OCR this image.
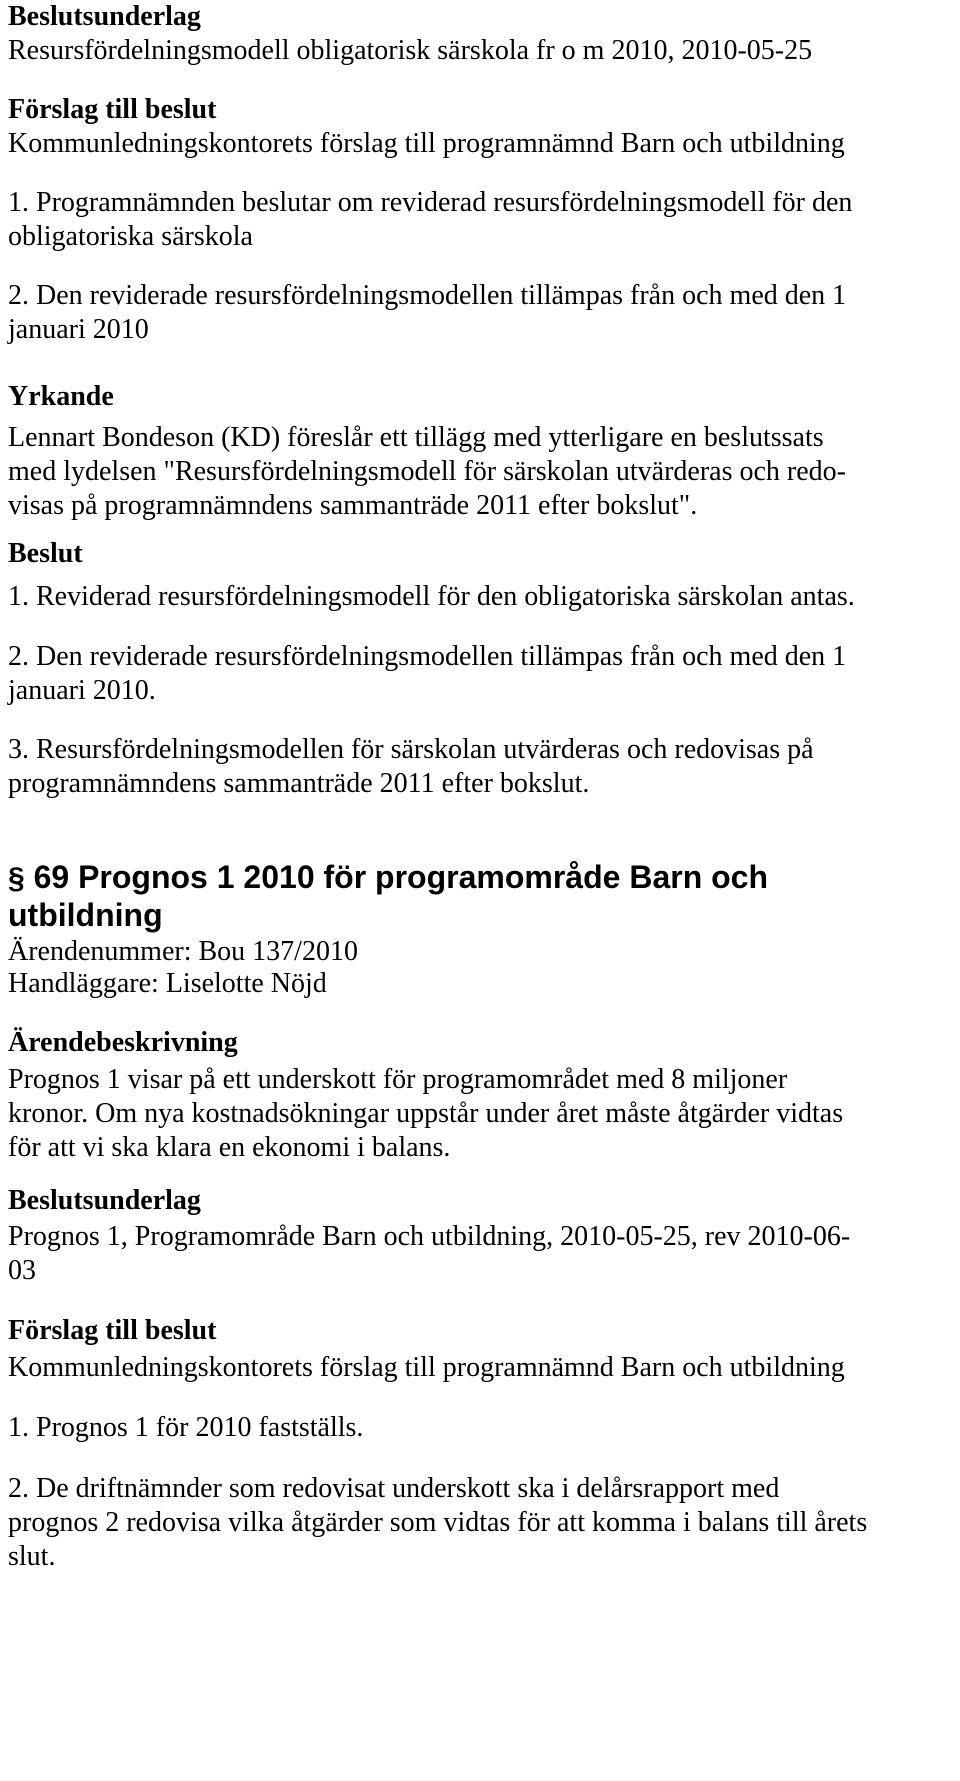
Beslutsunderlag
Resursfördelningsmodell obligatorisk särskola fr o m 2010, 2010-05-25
Förslag till beslut
Kommunledningskontorets förslag till programnämnd Barn och utbildning
1. Programnämnden beslutar om reviderad resursfördelningsmodell för den
obligatoriska särskola
2. Den reviderade resursfördelningsmodellen tillämpas från och med den 1
januari 2010
Yrkande
Lennart Bondeson (KD) föreslår ett tillägg med ytterligare en beslutssats
med lydelsen "Resursfördelningsmodell för särskolan utvärderas och redo-
visas på programnämndens sammanträde 2011 efter bokslut".
Beslut
1. Reviderad resursfördelningsmodell för den obligatoriska särskolan antas.
2. Den reviderade resursfördelningsmodellen tillämpas från och med den 1
januari 2010.
3. Resursfördelningsmodellen för särskolan utvärderas och redovisas på
programnämndens sammanträde 2011 efter bokslut.
§ 69 Prognos 1 2010 för programområde Barn och
utbildning
Ärendenummer: Bou 137/2010
Handläggare: Liselotte Nöjd
Ärendebeskrivning
Prognos 1 visar på ett underskott för programområdet med 8 miljoner
kronor. Om nya kostnadsökningar uppstår under året måste åtgärder vidtas
för att vi ska klara en ekonomi i balans.
Beslutsunderlag
Prognos 1, Programområde Barn och utbildning, 2010-05-25, rev 2010-06-
03
Förslag till beslut
Kommunledningskontorets förslag till programnämnd Barn och utbildning
1. Prognos 1 för 2010 fastställs.
2. De driftnämnder som redovisat underskott ska i delårsrapport med
prognos 2 redovisa vilka åtgärder som vidtas för att komma i balans till årets
slut.
